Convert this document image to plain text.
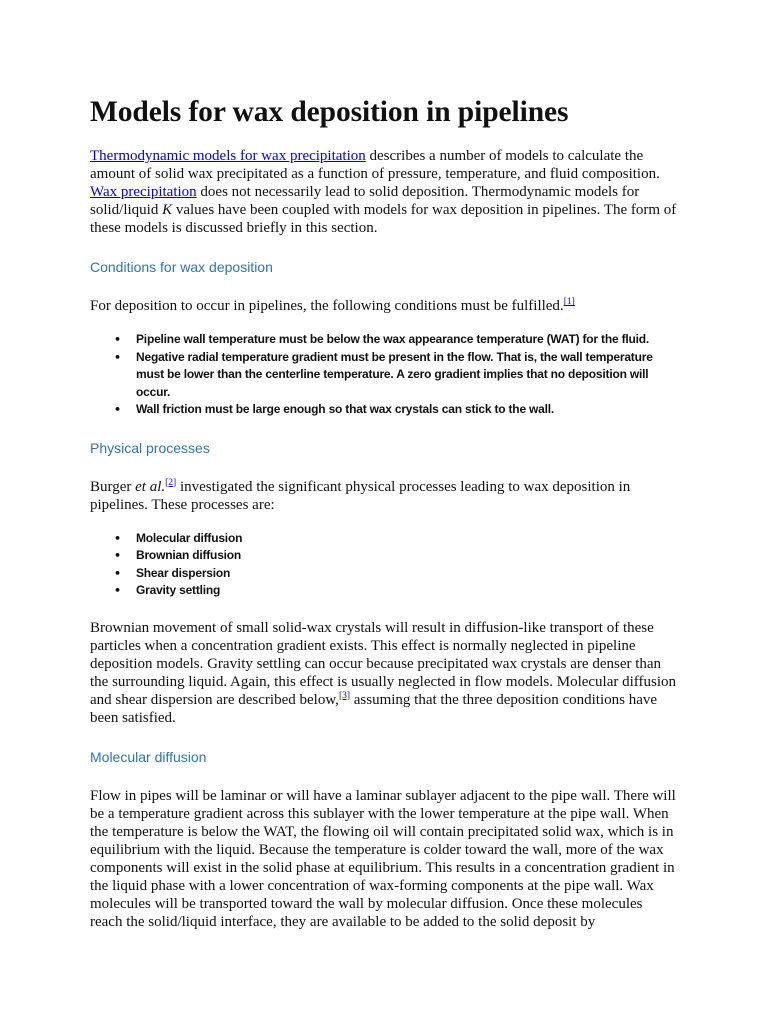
Models for wax deposition in pipelines

Thermodynamic models for wax precipitation describes a number of models to calculate the amount of solid wax precipitated as a function of pressure, temperature, and fluid composition. Wax precipitation does not necessarily lead to solid deposition. Thermodynamic models for solid/liquid K values have been coupled with models for wax deposition in pipelines. The form of these models is discussed briefly in this section.

Conditions for wax deposition

For deposition to occur in pipelines, the following conditions must be fulfilled.[1]

• Pipeline wall temperature must be below the wax appearance temperature (WAT) for the fluid.
• Negative radial temperature gradient must be present in the flow. That is, the wall temperature must be lower than the centerline temperature. A zero gradient implies that no deposition will occur.
• Wall friction must be large enough so that wax crystals can stick to the wall.
Physical processes

Burger et al.[2] investigated the significant physical processes leading to wax deposition in pipelines. These processes are:

• Molecular diffusion
• Brownian diffusion
• Shear dispersion
• Gravity settling

Brownian movement of small solid-wax crystals will result in diffusion-like transport of these particles when a concentration gradient exists. This effect is normally neglected in pipeline deposition models. Gravity settling can occur because precipitated wax crystals are denser than the surrounding liquid. Again, this effect is usually neglected in flow models. Molecular diffusion and shear dispersion are described below,[3] assuming that the three deposition conditions have been satisfied.

Molecular diffusion

Flow in pipes will be laminar or will have a laminar sublayer adjacent to the pipe wall. There will be a temperature gradient across this sublayer with the lower temperature at the pipe wall. When the temperature is below the WAT, the flowing oil will contain precipitated solid wax, which is in equilibrium with the liquid. Because the temperature is colder toward the wall, more of the wax components will exist in the solid phase at equilibrium. This results in a concentration gradient in the liquid phase with a lower concentration of wax-forming components at the pipe wall. Wax molecules will be transported toward the wall by molecular diffusion. Once these molecules reach the solid/liquid interface, they are available to be added to the solid deposit by
